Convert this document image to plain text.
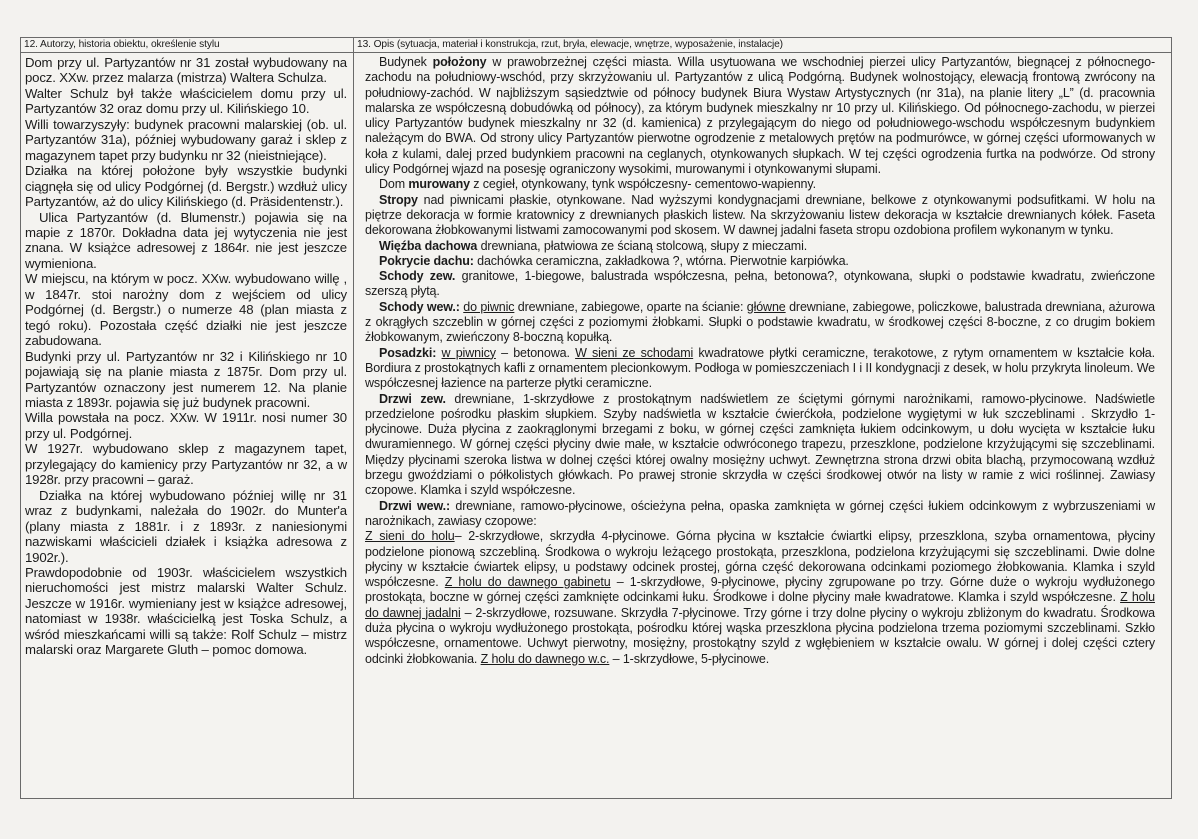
12. Autorzy, historia obiektu, określenie stylu

Dom przy ul. Partyzantów nr 31 został wybudowany na pocz. XXw. przez malarza (mistrza) Waltera Schulza.

Walter Schulz był także właścicielem domu przy ul. Partyzantów 32 oraz domu przy ul. Kilińskiego 10.

Willi towarzyszyły: budynek pracowni malarskiej (ob. ul. Partyzantów 31a), później wybudowany garaż i sklep z magazynem tapet przy budynku nr 32 (nieistniejące).

Działka na której położone były wszystkie budynki ciągnęła się od ulicy Podgórnej (d. Bergstr.) wzdłuż ulicy Partyzantów, aż do ulicy Kilińskiego (d. Präsidentenstr.).

Ulica Partyzantów (d. Blumenstr.) pojawia się na mapie z 1870r. Dokładna data jej wytyczenia nie jest znana. W książce adresowej z 1864r. nie jest jeszcze wymieniona.

W miejscu, na którym w pocz. XXw. wybudowano willę , w 1847r. stoi narożny dom z wejściem od ulicy Podgórnej (d. Bergstr.) o numerze 48 (plan miasta z tegó roku). Pozostała część działki nie jest jeszcze zabudowana.

Budynki przy ul. Partyzantów nr 32 i Kilińskiego nr 10 pojawiają się na planie miasta z 1875r. Dom przy ul. Partyzantów oznaczony jest numerem 12. Na planie miasta z 1893r. pojawia się już budynek pracowni.

Willa powstała na pocz. XXw. W 1911r. nosi numer 30 przy ul. Podgórnej.

W 1927r. wybudowano sklep z magazynem tapet, przylegający do kamienicy przy Partyzantów nr 32, a w 1928r. przy pracowni – garaż.

Działka na której wybudowano później willę nr 31 wraz z budynkami, należała do 1902r. do Munter'a (plany miasta z 1881r. i z 1893r. z naniesionymi nazwiskami właścicieli działek i książka adresowa z 1902r.).

Prawdopodobnie od 1903r. właścicielem wszystkich nieruchomości jest mistrz malarski Walter Schulz. Jeszcze w 1916r. wymieniany jest w książce adresowej, natomiast w 1938r. właścicielką jest Toska Schulz, a wśród mieszkańcami willi są także: Rolf Schulz – mistrz malarski oraz Margarete Gluth – pomoc domowa.

13. Opis (sytuacja, materiał i konstrukcja, rzut, bryła, elewacje, wnętrze, wyposażenie, instalacje)

Budynek położony w prawobrzeżnej części miasta. Willa usytuowana we wschodniej pierzei ulicy Partyzantów, biegnącej z północnego-zachodu na południowy-wschód, przy skrzyżowaniu ul. Partyzantów z ulicą Podgórną. Budynek wolnostojący, elewacją frontową zwrócony na południowy-zachód. W najbliższym sąsiedztwie od północy budynek Biura Wystaw Artystycznych (nr 31a), na planie litery „L” (d. pracownia malarska ze współczesną dobudówką od północy), za którym budynek mieszkalny nr 10 przy ul. Kilińskiego. Od północnego-zachodu, w pierzei ulicy Partyzantów budynek mieszkalny nr 32 (d. kamienica) z przylegającym do niego od południowego-wschodu współczesnym budynkiem należącym do BWA. Od strony ulicy Partyzantów pierwotne ogrodzenie z metalowych prętów na podmurówce, w górnej części uformowanych w koła z kulami, dalej przed budynkiem pracowni na ceglanych, otynkowanych słupkach. W tej części ogrodzenia furtka na podwórze. Od strony ulicy Podgórnej wjazd na posesję ograniczony wysokimi, murowanymi i otynkowanymi słupami.

Dom murowany z cegieł, otynkowany, tynk współczesny- cementowo-wapienny.

Stropy nad piwnicami płaskie, otynkowane. Nad wyższymi kondygnacjami drewniane, belkowe z otynkowanymi podsufitkami. W holu na piętrze dekoracja w formie kratownicy z drewnianych płaskich listew. Na skrzyżowaniu listew dekoracja w kształcie drewnianych kółek. Faseta dekorowana żłobkowanymi listwami zamocowanymi pod skosem. W dawnej jadalni faseta stropu ozdobiona profilem wykonanym w tynku.

Więźba dachowa drewniana, płatwiowa ze ścianą stolcową, słupy z mieczami.

Pokrycie dachu: dachówka ceramiczna, zakładkowa ?, wtórna. Pierwotnie karpiówka.

Schody zew. granitowe, 1-biegowe, balustrada współczesna, pełna, betonowa?, otynkowana, słupki o podstawie kwadratu, zwieńczone szerszą płytą.

Schody wew.: do piwnic drewniane, zabiegowe, oparte na ścianie: główne drewniane, zabiegowe, policzkowe, balustrada drewniana, ażurowa z okrągłych szczeblin w górnej części z poziomymi żłobkami. Słupki o podstawie kwadratu, w środkowej części 8-boczne, z co drugim bokiem żłobkowanym, zwieńczony 8-boczną kopułką.

Posadzki: w piwnicy – betonowa. W sieni ze schodami kwadratowe płytki ceramiczne, terakotowe, z rytym ornamentem w kształcie koła. Bordiura z prostokątnych kafli z ornamentem plecionkowym. Podłoga w pomieszczeniach I i II kondygnacji z desek, w holu przykryta linoleum. We współczesnej łazience na parterze płytki ceramiczne.

Drzwi zew. drewniane, 1-skrzydłowe z prostokątnym nadświetlem ze ściętymi górnymi narożnikami, ramowo-płycinowe. Nadświetle przedzielone pośrodku płaskim słupkiem. Szyby nadświetla w kształcie ćwierćkoła, podzielone wygiętymi w łuk szczeblinami . Skrzydło 1-płycinowe. Duża płycina z zaokrąglonymi brzegami z boku, w górnej części zamknięta łukiem odcinkowym, u dołu wycięta w kształcie łuku dwuramiennego. W górnej części płyciny dwie małe, w kształcie odwróconego trapezu, przeszklone, podzielone krzyżującymi się szczeblinami. Między płycinami szeroka listwa w dolnej części której owalny mosiężny uchwyt. Zewnętrzna strona drzwi obita blachą, przymocowaną wzdłuż brzegu gwoździami o półkolistych główkach. Po prawej stronie skrzydła w części środkowej otwór na listy w ramie z wici roślinnej. Zawiasy czopowe. Klamka i szyld współczesne.

Drzwi wew.: drewniane, ramowo-płycinowe, ościeżyna pełna, opaska zamknięta w górnej części łukiem odcinkowym z wybrzuszeniami w narożnikach, zawiasy czopowe:

Z sieni do holu– 2-skrzydłowe, skrzydła 4-płycinowe. Górna płycina w kształcie ćwiartki elipsy, przeszklona, szyba ornamentowa, płyciny podzielone pionową szczebliną. Środkowa o wykroju leżącego prostokąta, przeszklona, podzielona krzyżującymi się szczeblinami. Dwie dolne płyciny w kształcie ćwiartek elipsy, u podstawy odcinek prostej, górna część dekorowana odcinkami poziomego żłobkowania. Klamka i szyld współczesne. Z holu do dawnego gabinetu – 1-skrzydłowe, 9-płycinowe, płyciny zgrupowane po trzy. Górne duże o wykroju wydłużonego prostokąta, boczne w górnej części zamknięte odcinkami łuku. Środkowe i dolne płyciny małe kwadratowe. Klamka i szyld współczesne. Z holu do dawnej jadalni – 2-skrzydłowe, rozsuwane. Skrzydła 7-płycinowe. Trzy górne i trzy dolne płyciny o wykroju zbliżonym do kwadratu. Środkowa duża płycina o wykroju wydłużonego prostokąta, pośrodku której wąska przeszklona płycina podzielona trzema poziomymi szczeblinami. Szkło współczesne, ornamentowe. Uchwyt pierwotny, mosiężny, prostokątny szyld z wgłębieniem w kształcie owalu. W górnej i dolej części cztery odcinki żłobkowania. Z holu do dawnego w.c. – 1-skrzydłowe, 5-płycinowe.
